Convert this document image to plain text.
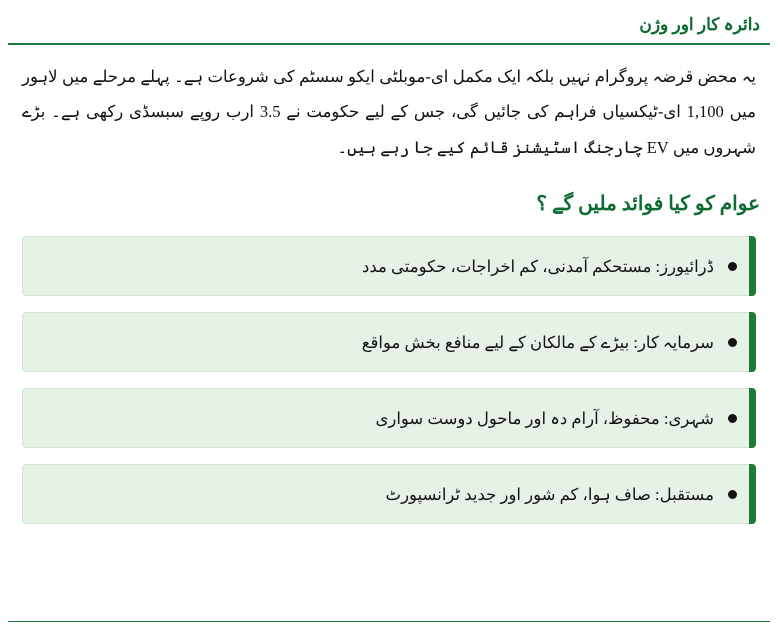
دائرہ کار اور وژن
یہ محض قرضہ پروگرام نہیں بلکہ ایک مکمل ای-موبلٹی ایکو سسٹم کی شروعات ہے۔ پہلے مرحلے میں لاہور میں 1,100 ای-ٹیکسیاں فراہم کی جائیں گی، جس کے لیے حکومت نے 3.5 ارب روپے سبسڈی رکھی ہے۔ بڑے شہروں میں EV چارجنگ اسٹیشنز قائم کیے جا رہے ہیں۔
عوام کو کیا فوائد ملیں گے ؟
ڈرائیورز: مستحکم آمدنی، کم اخراجات، حکومتی مدد
سرمایہ کار: بیڑے کے مالکان کے لیے منافع بخش مواقع
شہری: محفوظ، آرام دہ اور ماحول دوست سواری
مستقبل: صاف ہوا، کم شور اور جدید ٹرانسپورٹ
